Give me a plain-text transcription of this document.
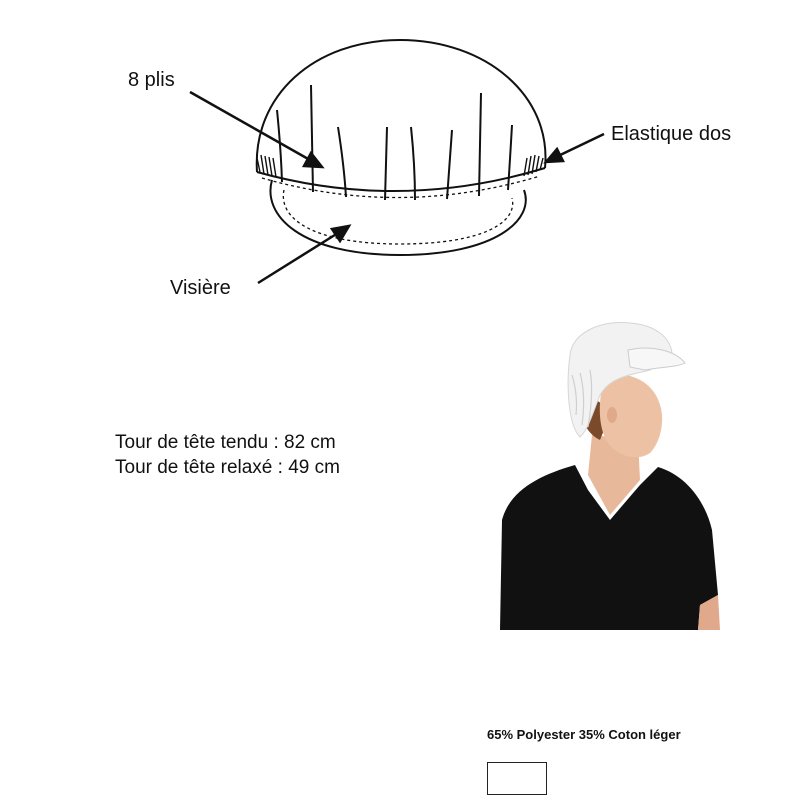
8 plis
Elastique dos
Visière
Tour de tête tendu : 82 cm
Tour de tête relaxé : 49 cm
65% Polyester 35% Coton léger
